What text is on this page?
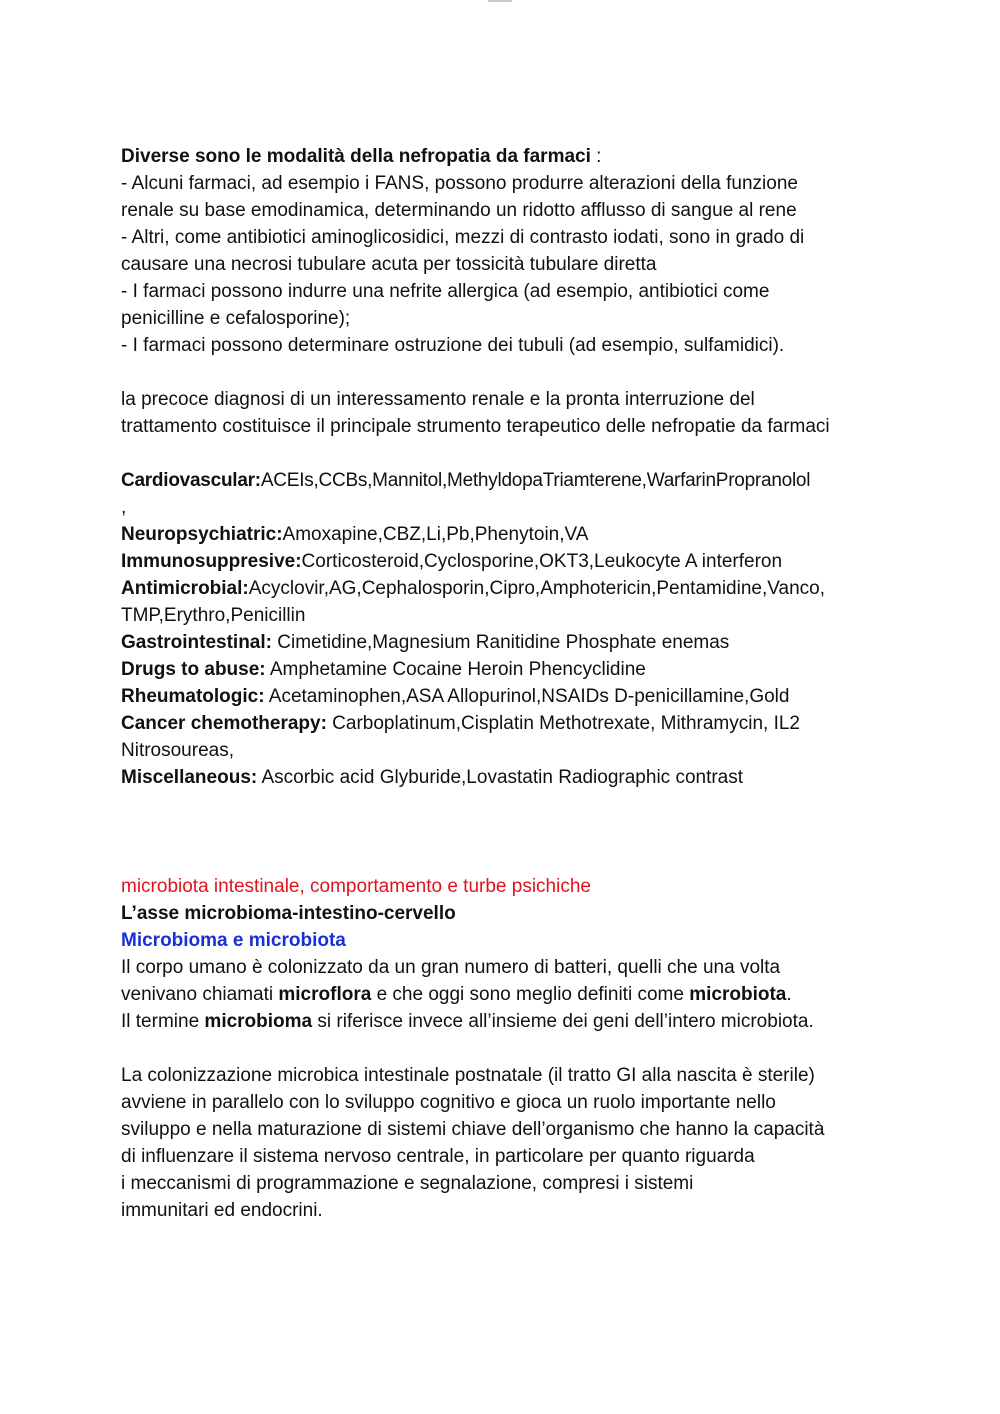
Diverse sono le modalità della nefropatia da farmaci :
- Alcuni farmaci, ad esempio i FANS, possono produrre alterazioni della funzione
renale su base emodinamica, determinando un ridotto afflusso di sangue al rene
- Altri, come antibiotici aminoglicosidici, mezzi di contrasto iodati, sono in grado di
causare una necrosi tubulare acuta per tossicità tubulare diretta
- I farmaci possono indurre una nefrite allergica (ad esempio, antibiotici come
penicilline e cefalosporine);
- I farmaci possono determinare ostruzione dei tubuli (ad esempio, sulfamidici).
la precoce diagnosi di un interessamento renale e la pronta interruzione del
trattamento costituisce il principale strumento terapeutico delle nefropatie da farmaci
Cardiovascular:ACEIs,CCBs,Mannitol,MethyldopaTriamterene,WarfarinPropranolol
,
Neuropsychiatric:Amoxapine,CBZ,Li,Pb,Phenytoin,VA
Immunosuppresive:Corticosteroid,Cyclosporine,OKT3,Leukocyte A interferon
Antimicrobial:Acyclovir,AG,Cephalosporin,Cipro,Amphotericin,Pentamidine,Vanco,
TMP,Erythro,Penicillin
Gastrointestinal: Cimetidine,Magnesium Ranitidine Phosphate enemas
Drugs to abuse: Amphetamine Cocaine Heroin Phencyclidine
Rheumatologic: Acetaminophen,ASA Allopurinol,NSAIDs D-penicillamine,Gold
Cancer chemotherapy: Carboplatinum,Cisplatin Methotrexate, Mithramycin, IL2
Nitrosoureas,
Miscellaneous: Ascorbic acid Glyburide,Lovastatin Radiographic contrast
microbiota intestinale, comportamento e turbe psichiche
L’asse microbioma-intestino-cervello
Microbioma e microbiota
Il corpo umano è colonizzato da un gran numero di batteri, quelli che una volta
venivano chiamati microflora e che oggi sono meglio definiti come microbiota.
Il termine microbioma si riferisce invece all’insieme dei geni dell’intero microbiota.
La colonizzazione microbica intestinale postnatale (il tratto GI alla nascita è sterile)
avviene in parallelo con lo sviluppo cognitivo e gioca un ruolo importante nello
sviluppo e nella maturazione di sistemi chiave dell’organismo che hanno la capacità
di influenzare il sistema nervoso centrale, in particolare per quanto riguarda
i meccanismi di programmazione e segnalazione, compresi i sistemi
immunitari ed endocrini.
